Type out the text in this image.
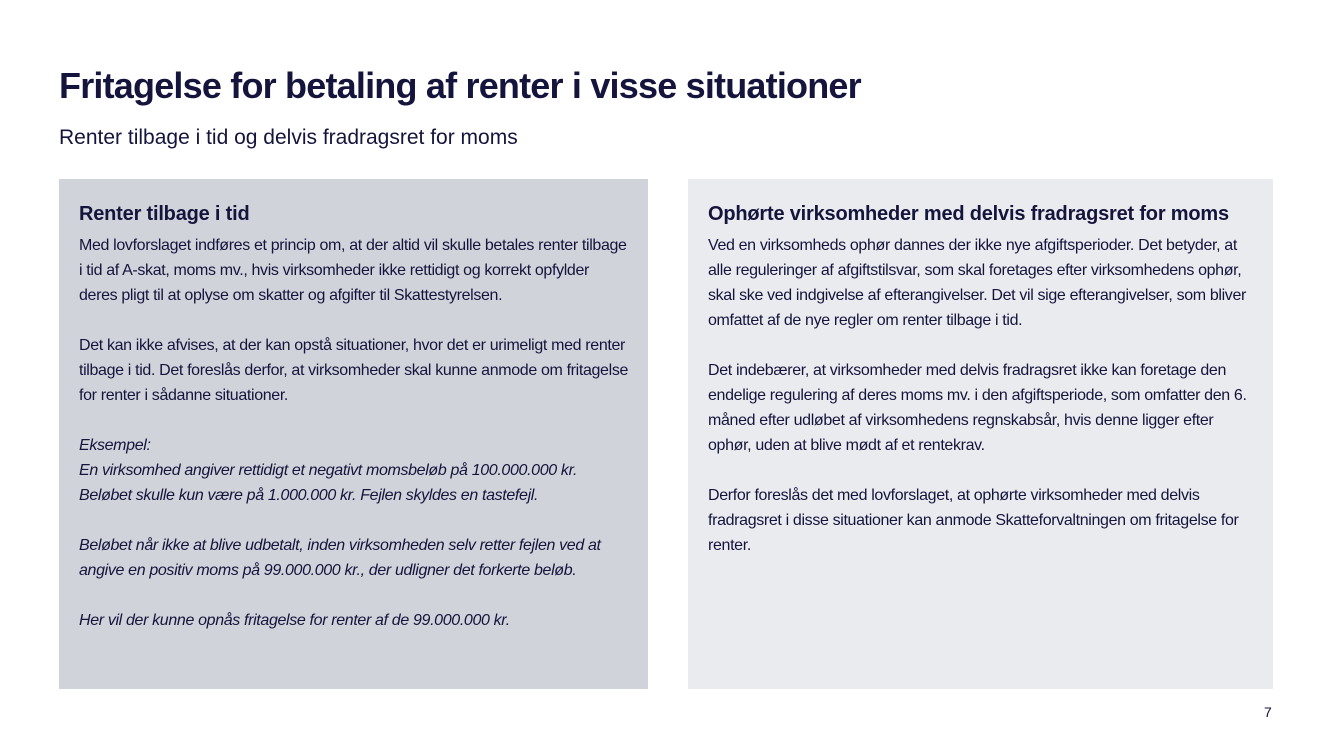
Fritagelse for betaling af renter i visse situationer
Renter tilbage i tid og delvis fradragsret for moms
Renter tilbage i tid

Med lovforslaget indføres et princip om, at der altid vil skulle betales renter tilbage i tid af A-skat, moms mv., hvis virksomheder ikke rettidigt og korrekt opfylder deres pligt til at oplyse om skatter og afgifter til Skattestyrelsen.

Det kan ikke afvises, at der kan opstå situationer, hvor det er urimeligt med renter tilbage i tid. Det foreslås derfor, at virksomheder skal kunne anmode om fritagelse for renter i sådanne situationer.

Eksempel:
En virksomhed angiver rettidigt et negativt momsbeløb på 100.000.000 kr. Beløbet skulle kun være på 1.000.000 kr. Fejlen skyldes en tastefejl.

Beløbet når ikke at blive udbetalt, inden virksomheden selv retter fejlen ved at angive en positiv moms på 99.000.000 kr., der udligner det forkerte beløb.

Her vil der kunne opnås fritagelse for renter af de 99.000.000 kr.

Ophørte virksomheder med delvis fradragsret for moms

Ved en virksomheds ophør dannes der ikke nye afgiftsperioder. Det betyder, at alle reguleringer af afgiftstilsvar, som skal foretages efter virksomhedens ophør, skal ske ved indgivelse af efterangivelser. Det vil sige efterangivelser, som bliver omfattet af de nye regler om renter tilbage i tid.

Det indebærer, at virksomheder med delvis fradragsret ikke kan foretage den endelige regulering af deres moms mv. i den afgiftsperiode, som omfatter den 6. måned efter udløbet af virksomhedens regnskabsår, hvis denne ligger efter ophør, uden at blive mødt af et rentekrav.

Derfor foreslås det med lovforslaget, at ophørte virksomheder med delvis fradragsret i disse situationer kan anmode Skatteforvaltningen om fritagelse for renter.

7
